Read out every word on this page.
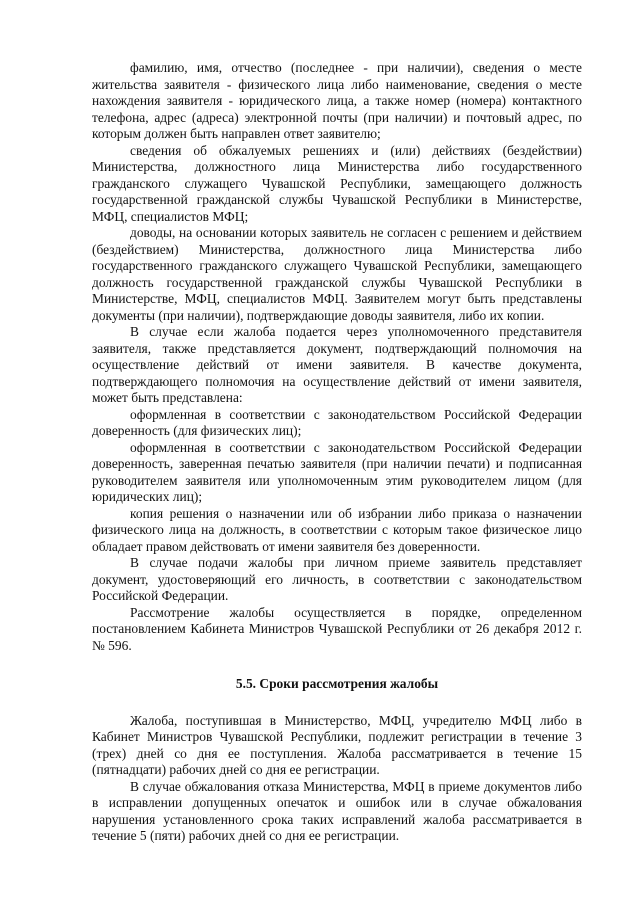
фамилию, имя, отчество (последнее - при наличии), сведения о месте жительства заявителя - физического лица либо наименование, сведения о месте нахождения заявителя - юридического лица, а также номер (номера) контактного телефона, адрес (адреса) электронной почты (при наличии) и почтовый адрес, по которым должен быть направлен ответ заявителю;

сведения об обжалуемых решениях и (или) действиях (бездействии) Министерства, должностного лица Министерства либо государственного гражданского служащего Чувашской Республики, замещающего должность государственной гражданской службы Чувашской Республики в Министерстве, МФЦ, специалистов МФЦ;

доводы, на основании которых заявитель не согласен с решением и действием (бездействием) Министерства, должностного лица Министерства либо государственного гражданского служащего Чувашской Республики, замещающего должность государственной гражданской службы Чувашской Республики в Министерстве, МФЦ, специалистов МФЦ. Заявителем могут быть представлены документы (при наличии), подтверждающие доводы заявителя, либо их копии.

В случае если жалоба подается через уполномоченного представителя заявителя, также представляется документ, подтверждающий полномочия на осуществление действий от имени заявителя. В качестве документа, подтверждающего полномочия на осуществление действий от имени заявителя, может быть представлена:

оформленная в соответствии с законодательством Российской Федерации доверенность (для физических лиц);

оформленная в соответствии с законодательством Российской Федерации доверенность, заверенная печатью заявителя (при наличии печати) и подписанная руководителем заявителя или уполномоченным этим руководителем лицом (для юридических лиц);

копия решения о назначении или об избрании либо приказа о назначении физического лица на должность, в соответствии с которым такое физическое лицо обладает правом действовать от имени заявителя без доверенности.

В случае подачи жалобы при личном приеме заявитель представляет документ, удостоверяющий его личность, в соответствии с законодательством Российской Федерации.

Рассмотрение жалобы осуществляется в порядке, определенном постановлением Кабинета Министров Чувашской Республики от 26 декабря 2012 г. № 596.

5.5. Сроки рассмотрения жалобы

Жалоба, поступившая в Министерство, МФЦ, учредителю МФЦ либо в Кабинет Министров Чувашской Республики, подлежит регистрации в течение 3 (трех) дней со дня ее поступления. Жалоба рассматривается в течение 15 (пятнадцати) рабочих дней со дня ее регистрации.

В случае обжалования отказа Министерства, МФЦ в приеме документов либо в исправлении допущенных опечаток и ошибок или в случае обжалования нарушения установленного срока таких исправлений жалоба рассматривается в течение 5 (пяти) рабочих дней со дня ее регистрации.
